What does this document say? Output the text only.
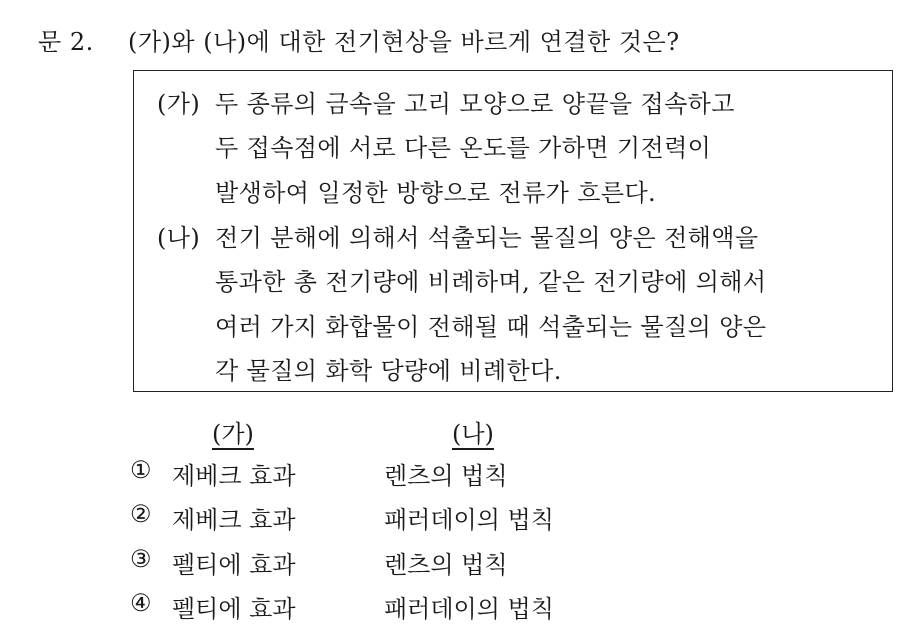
문 2. (가)와 (나)에 대한 전기현상을 바르게 연결한 것은?
(가) 두 종류의 금속을 고리 모양으로 양끝을 접속하고
두 접속점에 서로 다른 온도를 가하면 기전력이
발생하여 일정한 방향으로 전류가 흐른다.
(나) 전기 분해에 의해서 석출되는 물질의 양은 전해액을
통과한 총 전기량에 비례하며, 같은 전기량에 의해서
여러 가지 화합물이 전해될 때 석출되는 물질의 양은
각 물질의 화학 당량에 비례한다.
(가)	(나)
① 제베크 효과	렌츠의 법칙
② 제베크 효과	패러데이의 법칙
③ 펠티에 효과	렌츠의 법칙
④ 펠티에 효과	패러데이의 법칙
